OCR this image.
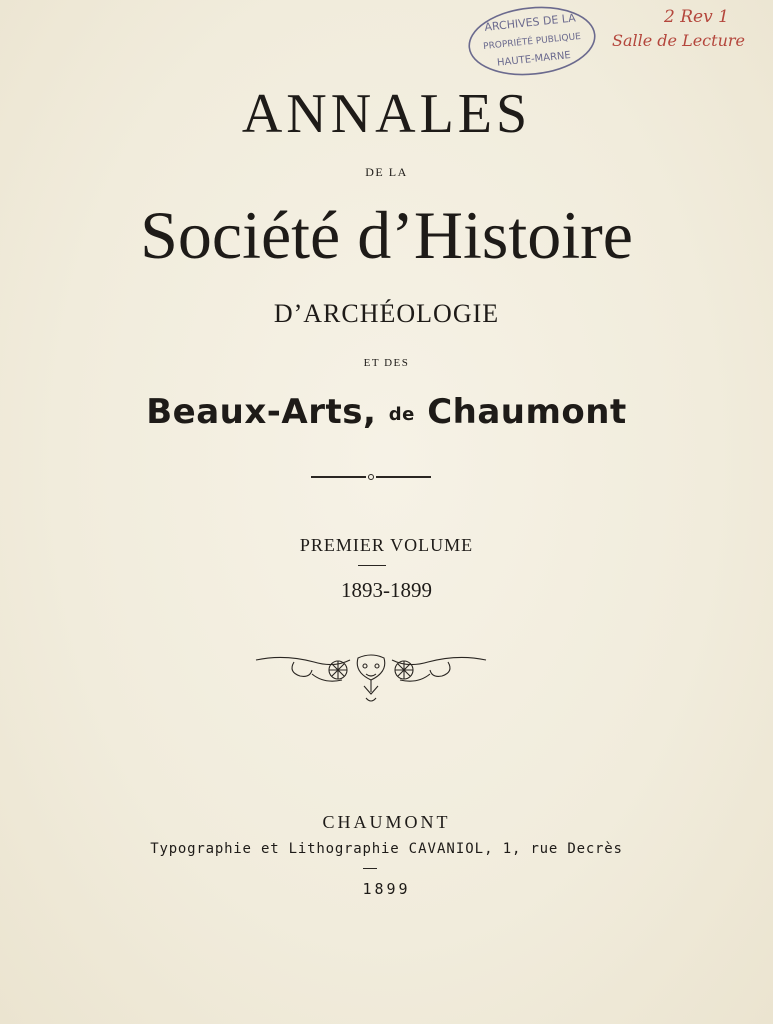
ARCHIVES DE LA
PROPRIÉTÉ PUBLIQUE
HAUTE-MARNE
2 Rev 1
Salle de Lecture
ANNALES
DE LA
Société d’Histoire
D’ARCHÉOLOGIE
ET DES
Beaux-Arts, de Chaumont
PREMIER VOLUME
1893-1899
CHAUMONT
Typographie et Lithographie CAVANIOL, 1, rue Decrès
1899
